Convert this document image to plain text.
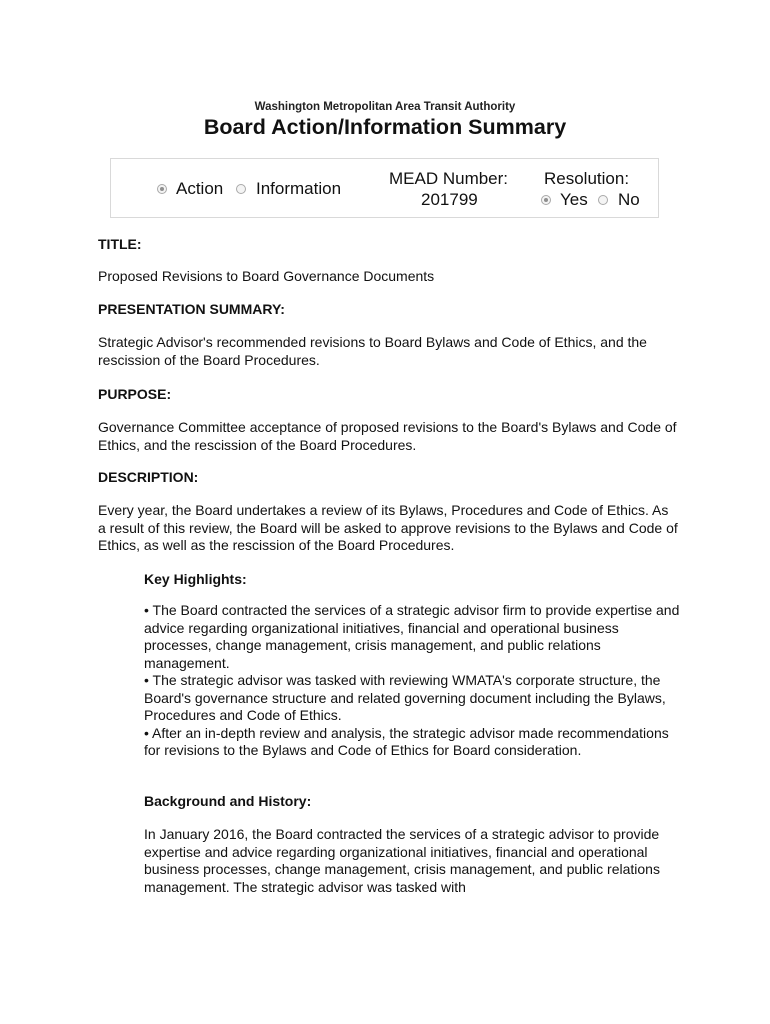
Washington Metropolitan Area Transit Authority
Board Action/Information Summary
Action Information
MEAD Number:
201799
Resolution:
Yes No
TITLE:

Proposed Revisions to Board Governance Documents

PRESENTATION SUMMARY:

Strategic Advisor's recommended revisions to Board Bylaws and Code of Ethics, and the rescission of the Board Procedures.

PURPOSE:

Governance Committee acceptance of proposed revisions to the Board's Bylaws and Code of Ethics, and the rescission of the Board Procedures.

DESCRIPTION:

Every year, the Board undertakes a review of its Bylaws, Procedures and Code of Ethics. As a result of this review, the Board will be asked to approve revisions to the Bylaws and Code of Ethics, as well as the rescission of the Board Procedures.

Key Highlights:

• The Board contracted the services of a strategic advisor firm to provide expertise and advice regarding organizational initiatives, financial and operational business processes, change management, crisis management, and public relations management.

• The strategic advisor was tasked with reviewing WMATA's corporate structure, the Board's governance structure and related governing document including the Bylaws, Procedures and Code of Ethics.

• After an in-depth review and analysis, the strategic advisor made recommendations for revisions to the Bylaws and Code of Ethics for Board consideration.

Background and History:

In January 2016, the Board contracted the services of a strategic advisor to provide expertise and advice regarding organizational initiatives, financial and operational business processes, change management, crisis management, and public relations management. The strategic advisor was tasked with
